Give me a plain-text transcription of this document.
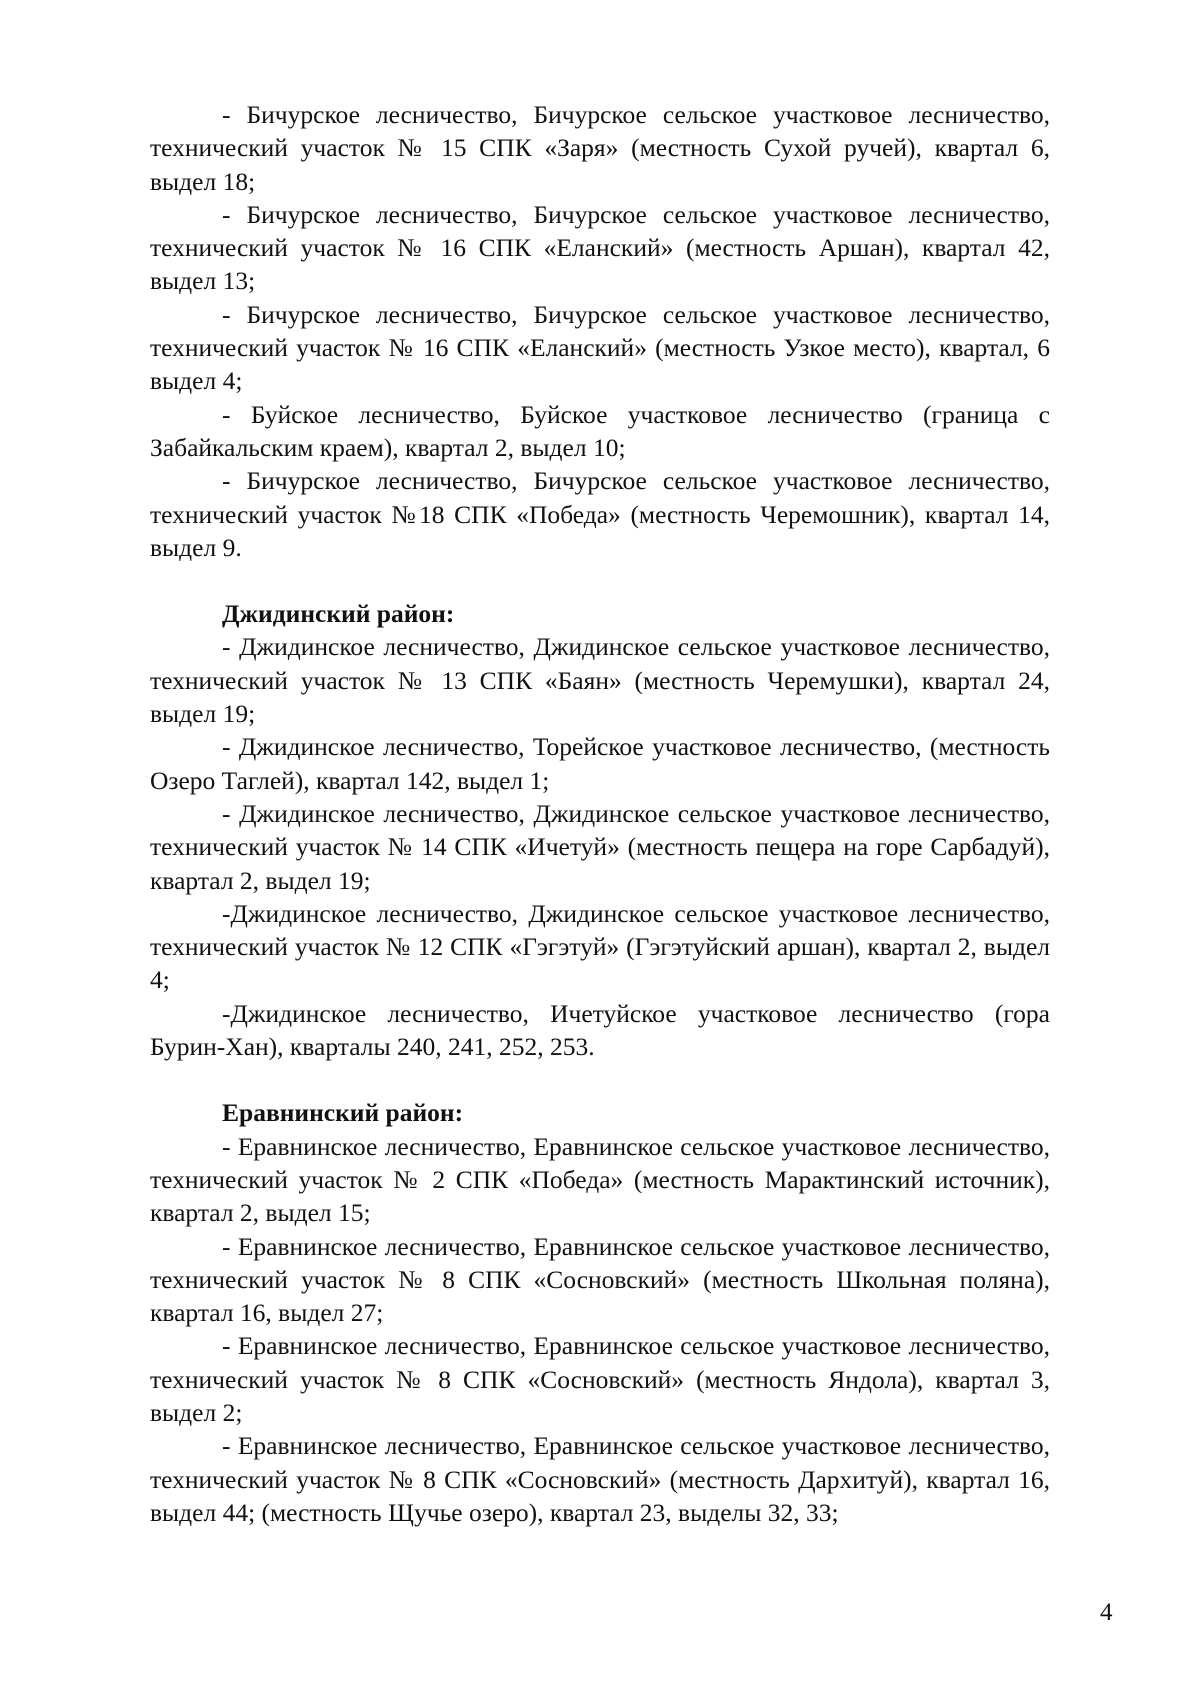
- Бичурское лесничество, Бичурское сельское участковое лесничество, технический участок № 15 СПК «Заря» (местность Сухой ручей), квартал 6, выдел 18;

- Бичурское лесничество, Бичурское сельское участковое лесничество, технический участок № 16 СПК «Еланский» (местность Аршан), квартал 42, выдел 13;

- Бичурское лесничество, Бичурское сельское участковое лесничество, технический участок № 16 СПК «Еланский» (местность Узкое место), квартал, 6 выдел 4;

- Буйское лесничество, Буйское участковое лесничество (граница с Забайкальским краем), квартал 2, выдел 10;

- Бичурское лесничество, Бичурское сельское участковое лесничество, технический участок №18 СПК «Победа» (местность Черемошник), квартал 14, выдел 9.

Джидинский район:

- Джидинское лесничество, Джидинское сельское участковое лесничество, технический участок № 13 СПК «Баян» (местность Черемушки), квартал 24, выдел 19;

- Джидинское лесничество, Торейское участковое лесничество, (местность Озеро Таглей), квартал 142, выдел 1;

- Джидинское лесничество, Джидинское сельское участковое лесничество, технический участок № 14 СПК «Ичетуй» (местность пещера на горе Сарбадуй), квартал 2, выдел 19;

-Джидинское лесничество, Джидинское сельское участковое лесничество, технический участок № 12 СПК «Гэгэтуй» (Гэгэтуйский аршан), квартал 2, выдел 4;

-Джидинское лесничество, Ичетуйское участковое лесничество (гора Бурин-Хан), кварталы 240, 241, 252, 253.

Еравнинский район:

- Еравнинское лесничество, Еравнинское сельское участковое лесничество, технический участок № 2 СПК «Победа» (местность Марактинский источник), квартал 2, выдел 15;

- Еравнинское лесничество, Еравнинское сельское участковое лесничество, технический участок № 8 СПК «Сосновский» (местность Школьная поляна), квартал 16, выдел 27;

- Еравнинское лесничество, Еравнинское сельское участковое лесничество, технический участок № 8 СПК «Сосновский» (местность Яндола), квартал 3, выдел 2;

- Еравнинское лесничество, Еравнинское сельское участковое лесничество, технический участок № 8 СПК «Сосновский» (местность Дархитуй), квартал 16, выдел 44; (местность Щучье озеро), квартал 23, выделы 32, 33;

4
